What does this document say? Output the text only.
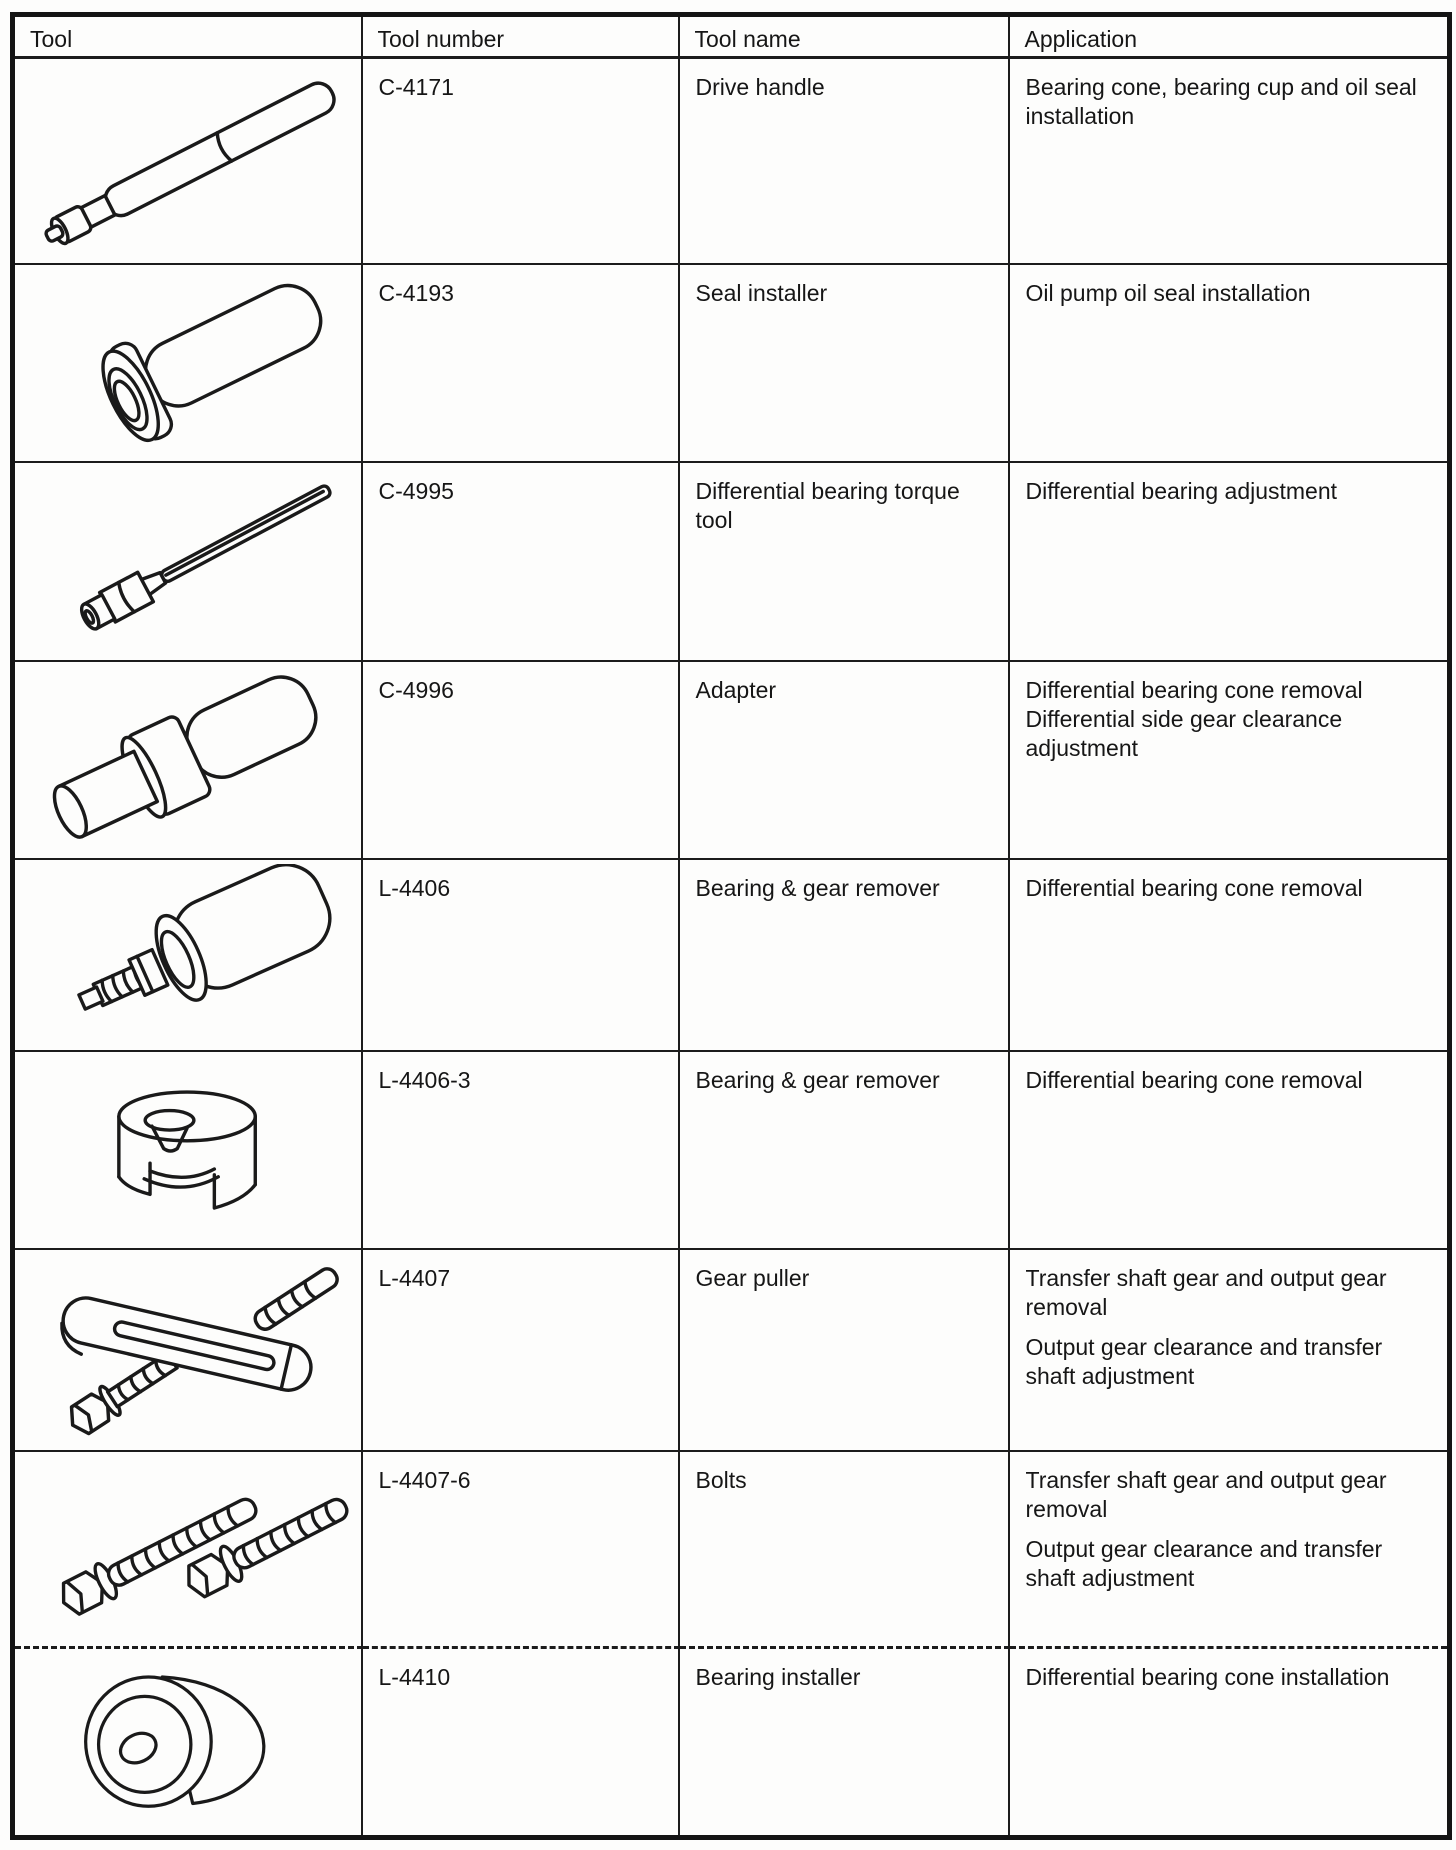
Tool	Tool number	Tool name	Application

	C-4171	Drive handle	Bearing cone, bearing cup and oil seal installation

	C-4193	Seal installer	Oil pump oil seal installation

	C-4995	Differential bearing torque tool	Differential bearing adjustment

	C-4996	Adapter	Differential bearing cone removal
Differential side gear clearance adjustment

	L-4406	Bearing & gear remover	Differential bearing cone removal

	L-4406-3	Bearing & gear remover	Differential bearing cone removal

	L-4407	Gear puller	Transfer shaft gear and output gear removal
Output gear clearance and transfer shaft adjustment

	L-4407-6	Bolts	Transfer shaft gear and output gear removal
Output gear clearance and transfer shaft adjustment

	L-4410	Bearing installer	Differential bearing cone installation
